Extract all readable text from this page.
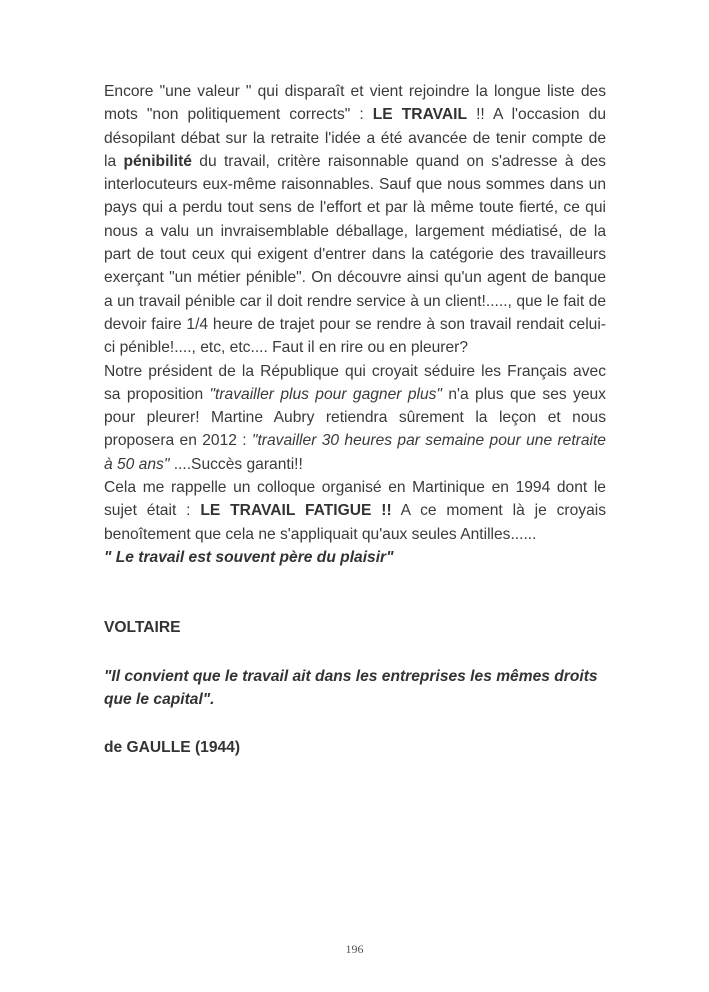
Encore "une valeur " qui disparaît et vient rejoindre la longue liste des mots "non politiquement corrects" : LE TRAVAIL !! A l'occasion du désopilant débat sur la retraite l'idée a été avancée de tenir compte de la pénibilité du travail, critère raisonnable quand on s'adresse à des interlocuteurs eux-même raisonnables. Sauf que nous sommes dans un pays qui a perdu tout sens de l'effort et par là même toute fierté, ce qui nous a valu un invraisemblable déballage, largement médiatisé, de la part de tout ceux qui exigent d'entrer dans la catégorie des travailleurs exerçant "un métier pénible". On découvre ainsi qu'un agent de banque a un travail pénible car il doit rendre service à un client!....., que le fait de devoir faire 1/4 heure de trajet pour se rendre à son travail rendait celui-ci pénible!...., etc, etc.... Faut il en rire ou en pleurer?

Notre président de la République qui croyait séduire les Français avec sa proposition "travailler plus pour gagner plus" n'a plus que ses yeux pour pleurer! Martine Aubry retiendra sûrement la leçon et nous proposera en 2012 : "travailler 30 heures par semaine pour une retraite à 50 ans" ....Succès garanti!!

Cela me rappelle un colloque organisé en Martinique en 1994 dont le sujet était : LE TRAVAIL FATIGUE !! A ce moment là je croyais benoîtement que cela ne s'appliquait qu'aux seules Antilles......

" Le travail est souvent père du plaisir"

VOLTAIRE

"Il convient que le travail ait dans les entreprises les mêmes droits que le capital".

de GAULLE (1944)

196
